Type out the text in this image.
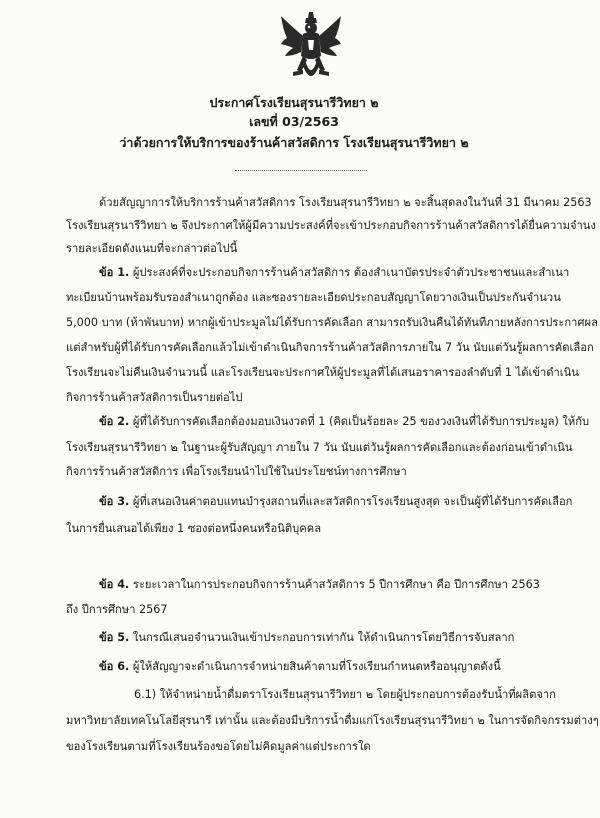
ประกาศโรงเรียนสุรนารีวิทยา ๒
เลขที่ 03/2563
ว่าด้วยการให้บริการของร้านค้าสวัสดิการ โรงเรียนสุรนารีวิทยา ๒
ด้วยสัญญาการให้บริการร้านค้าสวัสดิการ โรงเรียนสุรนารีวิทยา ๒ จะสิ้นสุดลงในวันที่ 31 มีนาคม 2563
โรงเรียนสุรนารีวิทยา ๒ จึงประกาศให้ผู้มีความประสงค์ที่จะเข้าประกอบกิจการร้านค้าสวัสดิการได้ยื่นความจำนง
รายละเอียดดังแนบที่จะกล่าวต่อไปนี้
ข้อ 1. ผู้ประสงค์ที่จะประกอบกิจการร้านค้าสวัสดิการ ต้องสำเนาบัตรประจำตัวประชาชนและสำเนา
ทะเบียนบ้านพร้อมรับรองสำเนาถูกต้อง และซองรายละเอียดประกอบสัญญาโดยวางเงินเป็นประกันจำนวน
5,000 บาท (ห้าพันบาท) หากผู้เข้าประมูลไม่ได้รับการคัดเลือก สามารถรับเงินคืนได้ทันทีภายหลังการประกาศผล
แต่สำหรับผู้ที่ได้รับการคัดเลือกแล้วไม่เข้าดำเนินกิจการร้านค้าสวัสดิการภายใน 7 วัน นับแต่วันรู้ผลการคัดเลือก
โรงเรียนจะไม่คืนเงินจำนวนนี้ และโรงเรียนจะประกาศให้ผู้ประมูลที่ได้เสนอราคารองลำดับที่ 1 ได้เข้าดำเนิน
กิจการร้านค้าสวัสดิการเป็นรายต่อไป
ข้อ 2. ผู้ที่ได้รับการคัดเลือกต้องมอบเงินงวดที่ 1 (คิดเป็นร้อยละ 25 ของวงเงินที่ได้รับการประมูล) ให้กับ
โรงเรียนสุรนารีวิทยา ๒ ในฐานะผู้รับสัญญา ภายใน 7 วัน นับแต่วันรู้ผลการคัดเลือกและต้องก่อนเข้าดำเนิน
กิจการร้านค้าสวัสดิการ เพื่อโรงเรียนนำไปใช้ในประโยชน์ทางการศึกษา
ข้อ 3. ผู้ที่เสนอเงินค่าตอบแทนบำรุงสถานที่และสวัสดิการโรงเรียนสูงสุด จะเป็นผู้ที่ได้รับการคัดเลือก
ในการยื่นเสนอได้เพียง 1 ซองต่อหนึ่งคนหรือนิติบุคคล
ข้อ 4. ระยะเวลาในการประกอบกิจการร้านค้าสวัสดิการ 5 ปีการศึกษา คือ ปีการศึกษา 2563
ถึง ปีการศึกษา 2567
ข้อ 5. ในกรณีเสนอจำนวนเงินเข้าประกอบการเท่ากัน ให้ดำเนินการโดยวิธีการจับสลาก
ข้อ 6. ผู้ให้สัญญาจะดำเนินการจำหน่ายสินค้าตามที่โรงเรียนกำหนดหรืออนุญาตดังนี้
6.1) ให้จำหน่ายน้ำดื่มตราโรงเรียนสุรนารีวิทยา ๒ โดยผู้ประกอบการต้องรับน้ำที่ผลิตจาก
มหาวิทยาลัยเทคโนโลยีสุรนารี เท่านั้น และต้องมีบริการน้ำดื่มแก่โรงเรียนสุรนารีวิทยา ๒ ในการจัดกิจกรรมต่างๆ
ของโรงเรียนตามที่โรงเรียนร้องขอโดยไม่คิดมูลค่าแต่ประการใด
